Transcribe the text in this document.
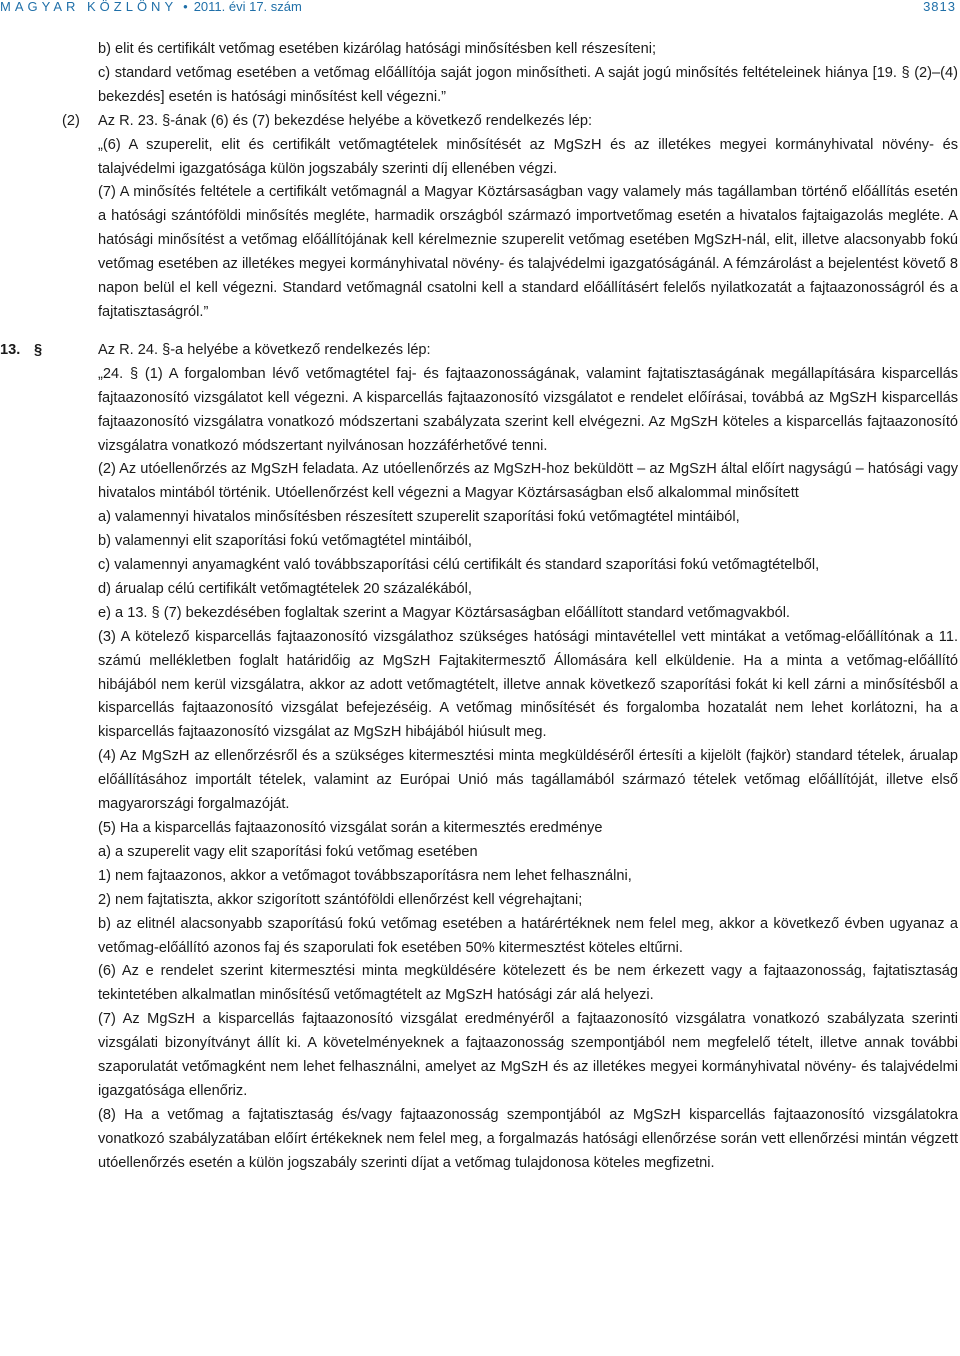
MAGYAR KÖZLÖNY • 2011. évi 17. szám	3813
b) elit és certifikált vetőmag esetében kizárólag hatósági minősítésben kell részesíteni;
c) standard vetőmag esetében a vetőmag előállítója saját jogon minősítheti. A saját jogú minősítés feltételeinek hiánya [19. § (2)–(4) bekezdés] esetén is hatósági minősítést kell végezni.”
(2) Az R. 23. §-ának (6) és (7) bekezdése helyébe a következő rendelkezés lép:
„(6) A szuperelit, elit és certifikált vetőmagtételek minősítését az MgSzH és az illetékes megyei kormányhivatal növény- és talajvédelmi igazgatósága külön jogszabály szerinti díj ellenében végzi.
(7) A minősítés feltétele a certifikált vetőmagnál a Magyar Köztársaságban vagy valamely más tagállamban történő előállítás esetén a hatósági szántóföldi minősítés megléte, harmadik országból származó importvetőmag esetén a hivatalos fajtaigazolás megléte. A hatósági minősítést a vetőmag előállítójának kell kérelmeznie szuperelit vetőmag esetében MgSzH-nál, elit, illetve alacsonyabb fokú vetőmag esetében az illetékes megyei kormányhivatal növény- és talajvédelmi igazgatóságánál. A fémzárolást a bejelentést követő 8 napon belül el kell végezni. Standard vetőmagnál csatolni kell a standard előállításért felelős nyilatkozatát a fajtaazonosságról és a fajtatisztaságról.”
13. §	Az R. 24. §-a helyébe a következő rendelkezés lép:
„24. § (1) A forgalomban lévő vetőmagtétel faj- és fajtaazonosságának, valamint fajtatisztaságának megállapítására kisparcellás fajtaazonosító vizsgálatot kell végezni. A kisparcellás fajtaazonosító vizsgálatot e rendelet előírásai, továbbá az MgSzH kisparcellás fajtaazonosító vizsgálatra vonatkozó módszertani szabályzata szerint kell elvégezni. Az MgSzH köteles a kisparcellás fajtaazonosító vizsgálatra vonatkozó módszertant nyilvánosan hozzáférhetővé tenni.
(2) Az utóellenőrzés az MgSzH feladata. Az utóellenőrzés az MgSzH-hoz beküldött – az MgSzH által előírt nagyságú – hatósági vagy hivatalos mintából történik. Utóellenőrzést kell végezni a Magyar Köztársaságban első alkalommal minősített
a) valamennyi hivatalos minősítésben részesített szuperelit szaporítási fokú vetőmagtétel mintáiból,
b) valamennyi elit szaporítási fokú vetőmagtétel mintáiból,
c) valamennyi anyamagként való továbbszaporítási célú certifikált és standard szaporítási fokú vetőmagtételből,
d) árualap célú certifikált vetőmagtételek 20 százalékából,
e) a 13. § (7) bekezdésében foglaltak szerint a Magyar Köztársaságban előállított standard vetőmagvakból.
(3) A kötelező kisparcellás fajtaazonosító vizsgálathoz szükséges hatósági mintavétellel vett mintákat a vetőmag-előállítónak a 11. számú mellékletben foglalt határidőig az MgSzH Fajtakitermesztő Állomására kell elküldenie. Ha a minta a vetőmag-előállító hibájából nem kerül vizsgálatra, akkor az adott vetőmagtételt, illetve annak következő szaporítási fokát ki kell zárni a minősítésből a kisparcellás fajtaazonosító vizsgálat befejezéséig. A vetőmag minősítését és forgalomba hozatalát nem lehet korlátozni, ha a kisparcellás fajtaazonosító vizsgálat az MgSzH hibájából hiúsult meg.
(4) Az MgSzH az ellenőrzésről és a szükséges kitermesztési minta megküldéséről értesíti a kijelölt (fajkör) standard tételek, árualap előállításához importált tételek, valamint az Európai Unió más tagállamából származó tételek vetőmag előállítóját, illetve első magyarországi forgalmazóját.
(5) Ha a kisparcellás fajtaazonosító vizsgálat során a kitermesztés eredménye
a) a szuperelit vagy elit szaporítási fokú vetőmag esetében
1) nem fajtaazonos, akkor a vetőmagot továbbszaporításra nem lehet felhasználni,
2) nem fajtatiszta, akkor szigorított szántóföldi ellenőrzést kell végrehajtani;
b) az elitnél alacsonyabb szaporítású fokú vetőmag esetében a határértéknek nem felel meg, akkor a következő évben ugyanaz a vetőmag-előállító azonos faj és szaporulati fok esetében 50% kitermesztést köteles eltűrni.
(6) Az e rendelet szerint kitermesztési minta megküldésére kötelezett és be nem érkezett vagy a fajtaazonosság, fajtatisztaság tekintetében alkalmatlan minősítésű vetőmagtételt az MgSzH hatósági zár alá helyezi.
(7) Az MgSzH a kisparcellás fajtaazonosító vizsgálat eredményéről a fajtaazonosító vizsgálatra vonatkozó szabályzata szerinti vizsgálati bizonyítványt állít ki. A követelményeknek a fajtaazonosság szempontjából nem megfelelő tételt, illetve annak további szaporulatát vetőmagként nem lehet felhasználni, amelyet az MgSzH és az illetékes megyei kormányhivatal növény- és talajvédelmi igazgatósága ellenőriz.
(8) Ha a vetőmag a fajtatisztaság és/vagy fajtaazonosság szempontjából az MgSzH kisparcellás fajtaazonosító vizsgálatokra vonatkozó szabályzatában előírt értékeknek nem felel meg, a forgalmazás hatósági ellenőrzése során vett ellenőrzési mintán végzett utóellenőrzés esetén a külön jogszabály szerinti díjat a vetőmag tulajdonosa köteles megfizetni.
